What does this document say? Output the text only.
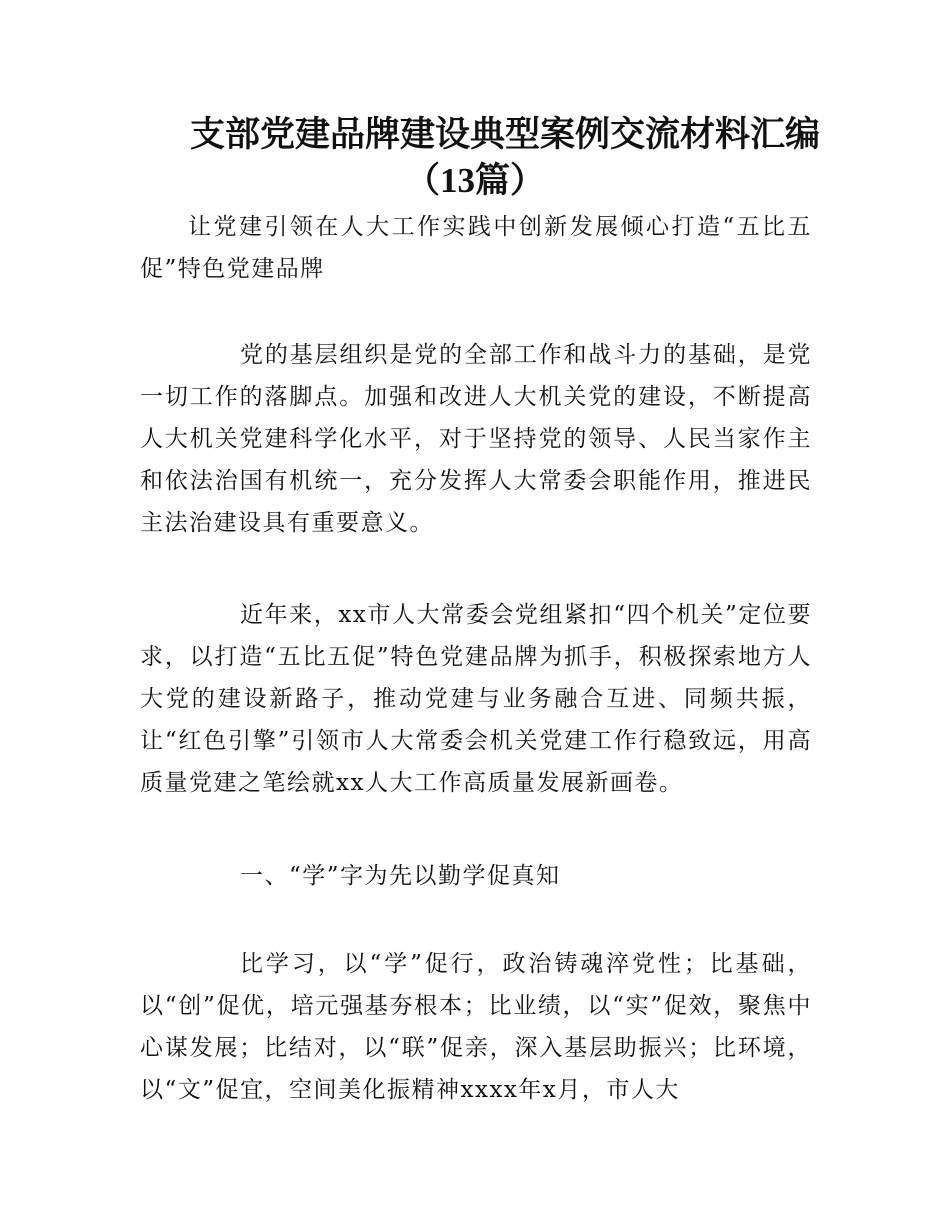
支部党建品牌建设典型案例交流材料汇编
（13篇）

让党建引领在人大工作实践中创新发展倾心打造“五比五促”特色党建品牌

党的基层组织是党的全部工作和战斗力的基础，是党一切工作的落脚点。加强和改进人大机关党的建设，不断提高人大机关党建科学化水平，对于坚持党的领导、人民当家作主和依法治国有机统一，充分发挥人大常委会职能作用，推进民主法治建设具有重要意义。

近年来，xx市人大常委会党组紧扣“四个机关”定位要求，以打造“五比五促”特色党建品牌为抓手，积极探索地方人大党的建设新路子，推动党建与业务融合互进、同频共振，让“红色引擎”引领市人大常委会机关党建工作行稳致远，用高质量党建之笔绘就xx人大工作高质量发展新画卷。

一、“学”字为先以勤学促真知

比学习，以“学”促行，政治铸魂淬党性；比基础，以“创”促优，培元强基夯根本；比业绩，以“实”促效，聚焦中心谋发展；比结对，以“联”促亲，深入基层助振兴；比环境，以“文”促宜，空间美化振精神xxxx年x月，市人大
